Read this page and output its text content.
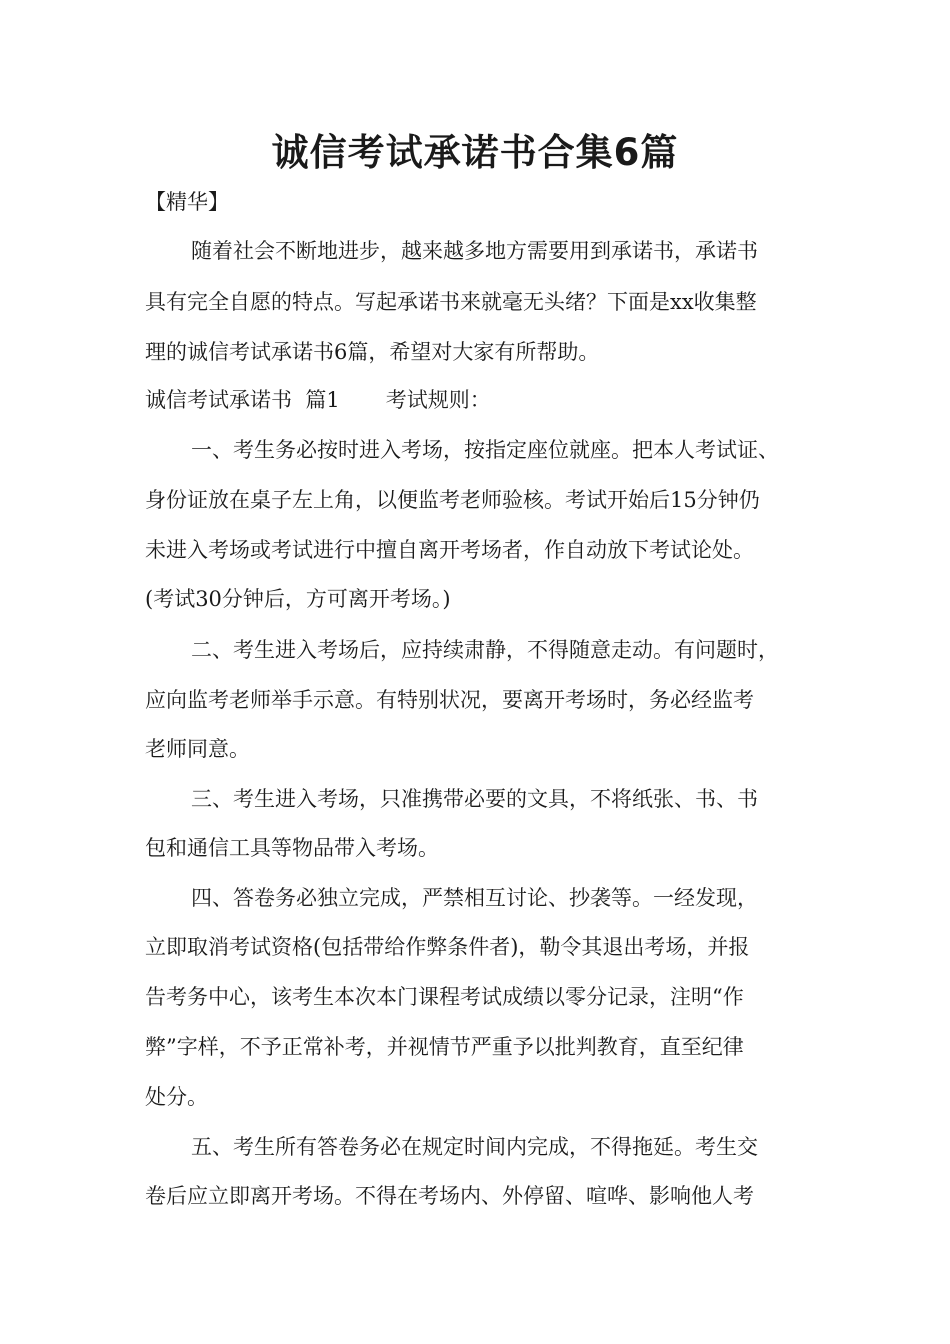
诚信考试承诺书合集6篇
【精华】
随着社会不断地进步，越来越多地方需要用到承诺书，承诺书
具有完全自愿的特点。写起承诺书来就毫无头绪？下面是xx收集整
理的诚信考试承诺书6篇，希望对大家有所帮助。
诚信考试承诺书  篇1 考试规则：
一、考生务必按时进入考场，按指定座位就座。把本人考试证、
身份证放在桌子左上角，以便监考老师验核。考试开始后15分钟仍
未进入考场或考试进行中擅自离开考场者，作自动放下考试论处。
(考试30分钟后，方可离开考场。)
二、考生进入考场后，应持续肃静，不得随意走动。有问题时，
应向监考老师举手示意。有特别状况，要离开考场时，务必经监考
老师同意。
三、考生进入考场，只准携带必要的文具，不将纸张、书、书
包和通信工具等物品带入考场。
四、答卷务必独立完成，严禁相互讨论、抄袭等。一经发现，
立即取消考试资格(包括带给作弊条件者)，勒令其退出考场，并报
告考务中心，该考生本次本门课程考试成绩以零分记录，注明“作
弊”字样，不予正常补考，并视情节严重予以批判教育，直至纪律
处分。
五、考生所有答卷务必在规定时间内完成，不得拖延。考生交
卷后应立即离开考场。不得在考场内、外停留、喧哗、影响他人考
